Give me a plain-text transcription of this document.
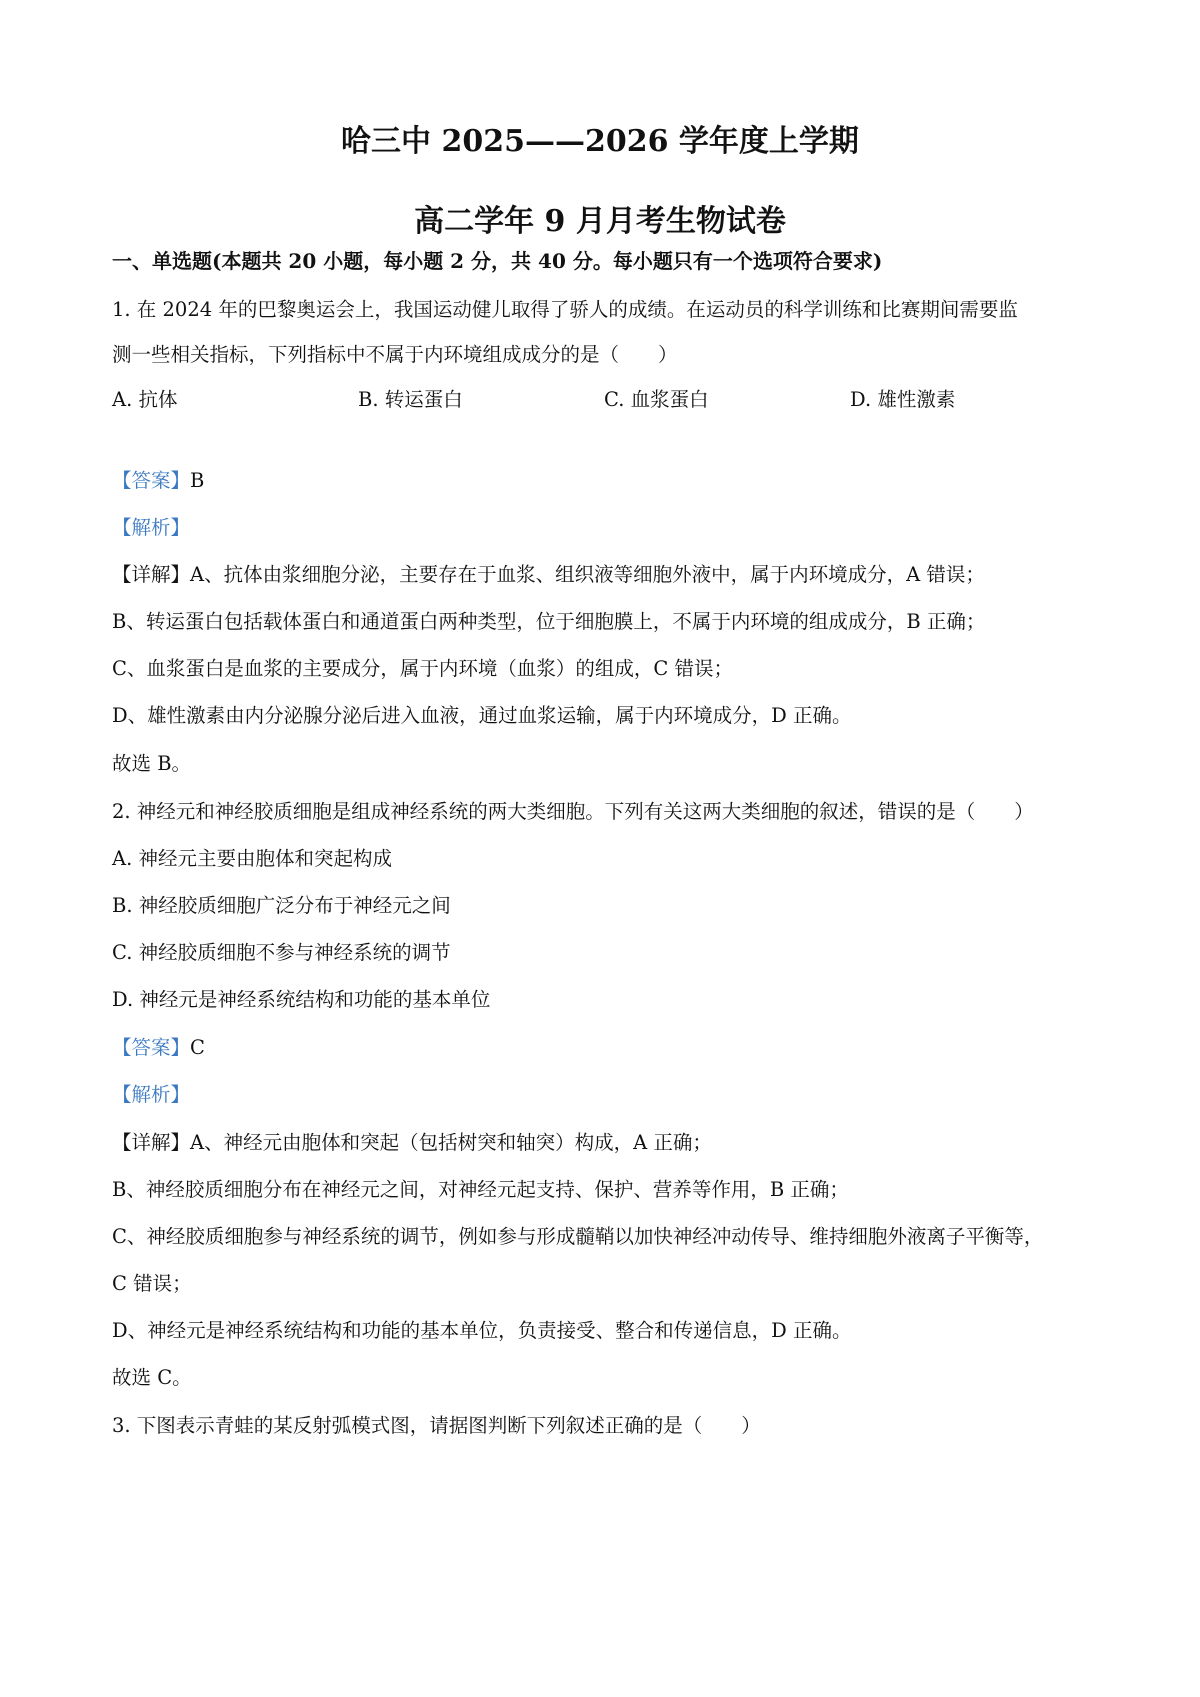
哈三中 2025——2026 学年度上学期
高二学年 9 月月考生物试卷
一、单选题(本题共 20 小题，每小题 2 分，共 40 分。每小题只有一个选项符合要求)
1. 在 2024 年的巴黎奥运会上，我国运动健儿取得了骄人的成绩。在运动员的科学训练和比赛期间需要监
测一些相关指标，下列指标中不属于内环境组成成分的是（　　）
A. 抗体	B. 转运蛋白	C. 血浆蛋白	D. 雄性激素
【答案】B
【解析】
【详解】A、抗体由浆细胞分泌，主要存在于血浆、组织液等细胞外液中，属于内环境成分，A 错误；
B、转运蛋白包括载体蛋白和通道蛋白两种类型，位于细胞膜上，不属于内环境的组成成分，B 正确；
C、血浆蛋白是血浆的主要成分，属于内环境（血浆）的组成，C 错误；
D、雄性激素由内分泌腺分泌后进入血液，通过血浆运输，属于内环境成分，D 正确。
故选 B。
2. 神经元和神经胶质细胞是组成神经系统的两大类细胞。下列有关这两大类细胞的叙述，错误的是（　　）
A. 神经元主要由胞体和突起构成
B. 神经胶质细胞广泛分布于神经元之间
C. 神经胶质细胞不参与神经系统的调节
D. 神经元是神经系统结构和功能的基本单位
【答案】C
【解析】
【详解】A、神经元由胞体和突起（包括树突和轴突）构成，A 正确；
B、神经胶质细胞分布在神经元之间，对神经元起支持、保护、营养等作用，B 正确；
C、神经胶质细胞参与神经系统的调节，例如参与形成髓鞘以加快神经冲动传导、维持细胞外液离子平衡等，
C 错误；
D、神经元是神经系统结构和功能的基本单位，负责接受、整合和传递信息，D 正确。
故选 C。
3. 下图表示青蛙的某反射弧模式图，请据图判断下列叙述正确的是（　　）
